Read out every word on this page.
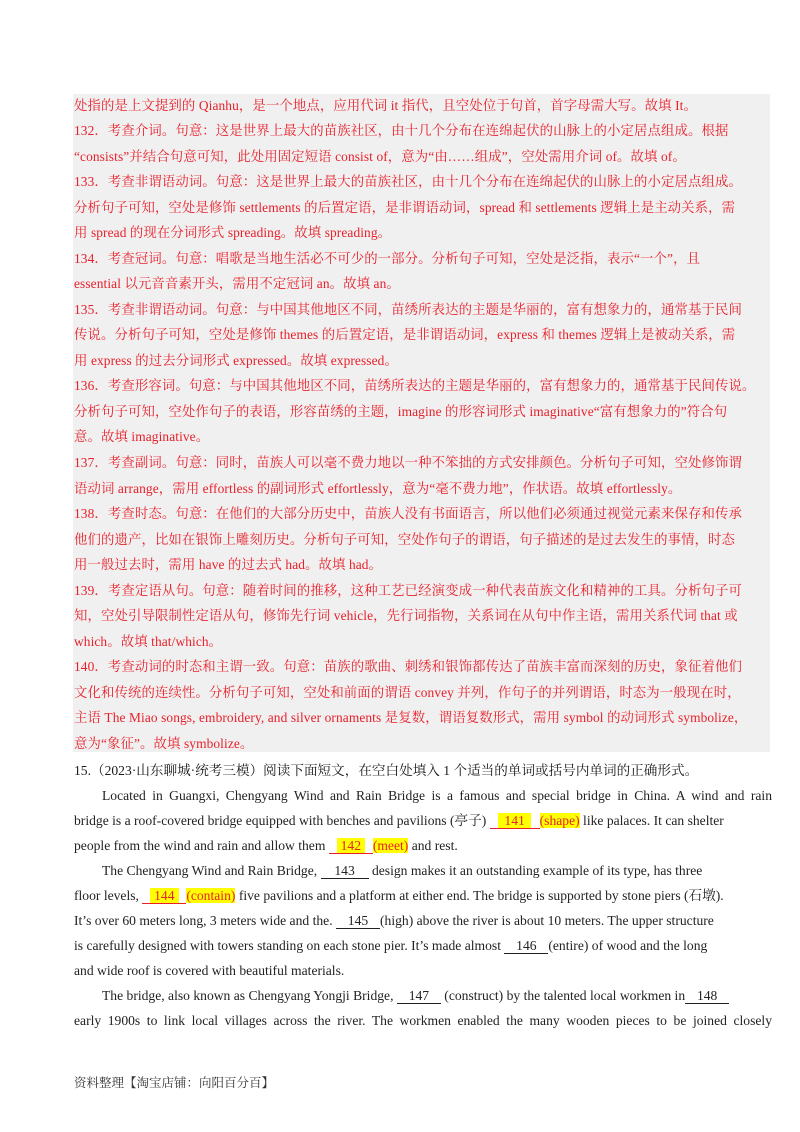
处指的是上文提到的 Qianhu，是一个地点，应用代词 it 指代，且空处位于句首，首字母需大写。故填 It。
132．考查介词。句意：这是世界上最大的苗族社区，由十几个分布在连绵起伏的山脉上的小定居点组成。根据
“consists”并结合句意可知，此处用固定短语 consist of，意为“由……组成”，空处需用介词 of。故填 of。
133．考查非谓语动词。句意：这是世界上最大的苗族社区，由十几个分布在连绵起伏的山脉上的小定居点组成。
分析句子可知，空处是修饰 settlements 的后置定语，是非谓语动词，spread 和 settlements 逻辑上是主动关系，需
用 spread 的现在分词形式 spreading。故填 spreading。
134．考查冠词。句意：唱歌是当地生活必不可少的一部分。分析句子可知，空处是泛指，表示“一个”，且
essential 以元音音素开头，需用不定冠词 an。故填 an。
135．考查非谓语动词。句意：与中国其他地区不同，苗绣所表达的主题是华丽的，富有想象力的，通常基于民间
传说。分析句子可知，空处是修饰 themes 的后置定语，是非谓语动词，express 和 themes 逻辑上是被动关系，需
用 express 的过去分词形式 expressed。故填 expressed。
136．考查形容词。句意：与中国其他地区不同，苗绣所表达的主题是华丽的，富有想象力的，通常基于民间传说。
分析句子可知，空处作句子的表语，形容苗绣的主题，imagine 的形容词形式 imaginative“富有想象力的”符合句
意。故填 imaginative。
137．考查副词。句意：同时，苗族人可以毫不费力地以一种不笨拙的方式安排颜色。分析句子可知，空处修饰谓
语动词 arrange，需用 effortless 的副词形式 effortlessly，意为“毫不费力地”，作状语。故填 effortlessly。
138．考查时态。句意：在他们的大部分历史中，苗族人没有书面语言，所以他们必须通过视觉元素来保存和传承
他们的遗产，比如在银饰上雕刻历史。分析句子可知，空处作句子的谓语，句子描述的是过去发生的事情，时态
用一般过去时，需用 have 的过去式 had。故填 had。
139．考查定语从句。句意：随着时间的推移，这种工艺已经演变成一种代表苗族文化和精神的工具。分析句子可
知，空处引导限制性定语从句，修饰先行词 vehicle，先行词指物，关系词在从句中作主语，需用关系代词 that 或
which。故填 that/which。
140．考查动词的时态和主谓一致。句意：苗族的歌曲、刺绣和银饰都传达了苗族丰富而深刻的历史，象征着他们
文化和传统的连续性。分析句子可知，空处和前面的谓语 convey 并列，作句子的并列谓语，时态为一般现在时，
主语 The Miao songs, embroidery, and silver ornaments 是复数，谓语复数形式，需用 symbol 的动词形式 symbolize，
意为“象征”。故填 symbolize。
15.（2023·山东聊城·统考三模）阅读下面短文，在空白处填入 1 个适当的单词或括号内单词的正确形式。
Located in Guangxi, Chengyang Wind and Rain Bridge is a famous and special bridge in China. A wind and rain
bridge is a roof-covered bridge equipped with benches and pavilions (亭子) 141 (shape) like palaces. It can shelter
people from the wind and rain and allow them 142 (meet) and rest.
The Chengyang Wind and Rain Bridge, 143 design makes it an outstanding example of its type, has three
floor levels, 144 (contain) five pavilions and a platform at either end. The bridge is supported by stone piers (石墩).
It’s over 60 meters long, 3 meters wide and the. 145 (high) above the river is about 10 meters. The upper structure
is carefully designed with towers standing on each stone pier. It’s made almost 146 (entire) of wood and the long
and wide roof is covered with beautiful materials.
The bridge, also known as Chengyang Yongji Bridge, 147 (construct) by the talented local workmen in 148
early 1900s to link local villages across the river. The workmen enabled the many wooden pieces to be joined closely
资料整理【淘宝店铺：向阳百分百】
